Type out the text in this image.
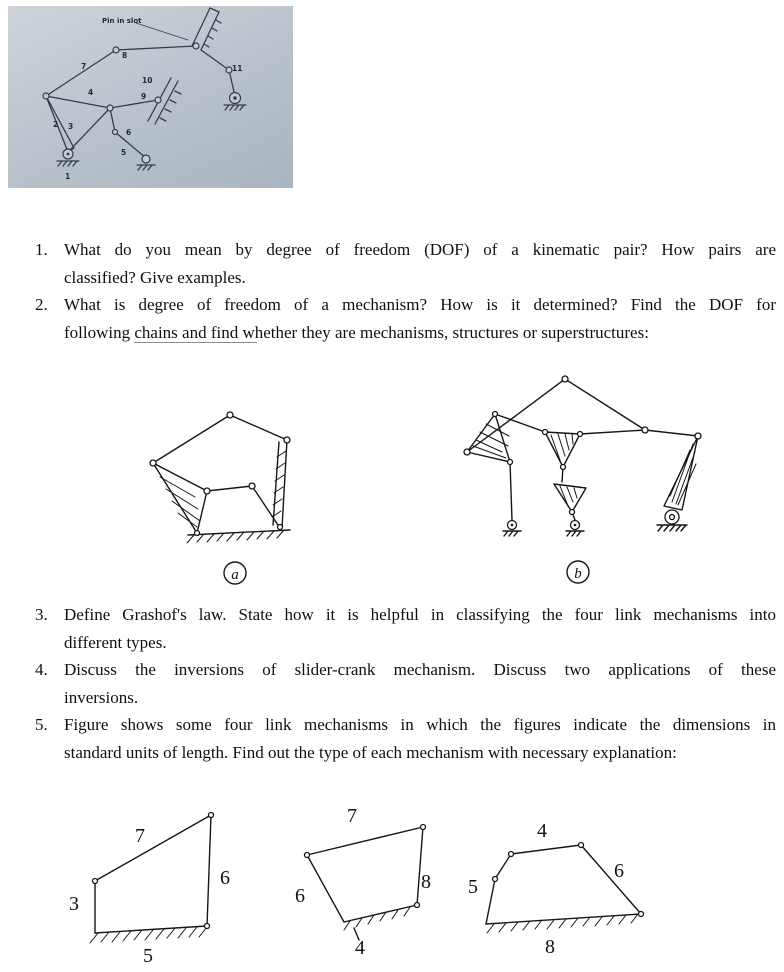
1
2 3
4
5
6
7
8
9
10
11
Pin in slot
1. What do you mean by degree of freedom (DOF) of a kinematic pair? How pairs are
classified? Give examples.
2. What is degree of freedom of a mechanism? How is it determined? Find the DOF for
following chains and find whether they are mechanisms, structures or superstructures:
a	b
3. Define Grashof's law. State how it is helpful in classifying the four link mechanisms into
different types.
4. Discuss the inversions of slider-crank mechanism. Discuss two applications of these
inversions.
5. Figure shows some four link mechanisms in which the figures indicate the dimensions in
standard units of length. Find out the type of each mechanism with necessary explanation:
7
6
3
5
7
6
8
4
4
5
6
8
